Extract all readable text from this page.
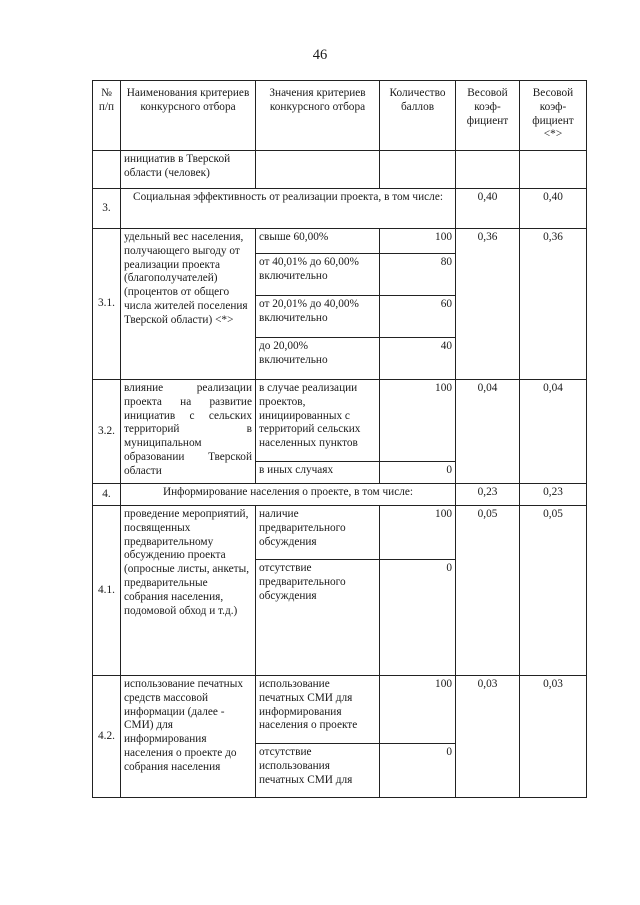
46
№ п/п	Наименования критериев конкурсного отбора	Значения критериев конкурсного отбора	Количество баллов	Весовой коэф-фициент	Весовой коэф-фициент <*>
	инициатив в Тверской области (человек)				
3.	Социальная эффективность от реализации проекта, в том числе:			0,40	0,40
3.1.	удельный вес населения, получающего выгоду от реализации проекта (благополучателей) (процентов от общего числа жителей поселения Тверской области) <*>	свыше 60,00%	100	0,36	0,36
		от 40,01% до 60,00% включительно	80		
		от 20,01% до 40,00% включительно	60		
		до 20,00% включительно	40		
3.2.	влияние реализации проекта на развитие инициатив с сельских территорий в муниципальном образовании Тверской области	в случае реализации проектов, инициированных с территорий сельских населенных пунктов	100	0,04	0,04
		в иных случаях	0		
4.	Информирование населения о проекте, в том числе:			0,23	0,23
4.1.	проведение мероприятий, посвященных предварительному обсуждению проекта (опросные листы, анкеты, предварительные собрания населения, подомовой обход и т.д.)	наличие предварительного обсуждения	100	0,05	0,05
		отсутствие предварительного обсуждения	0		
4.2.	использование печатных средств массовой информации (далее - СМИ) для информирования населения о проекте до собрания населения	использование печатных СМИ для информирования населения о проекте	100	0,03	0,03
		отсутствие использования печатных СМИ для	0		
